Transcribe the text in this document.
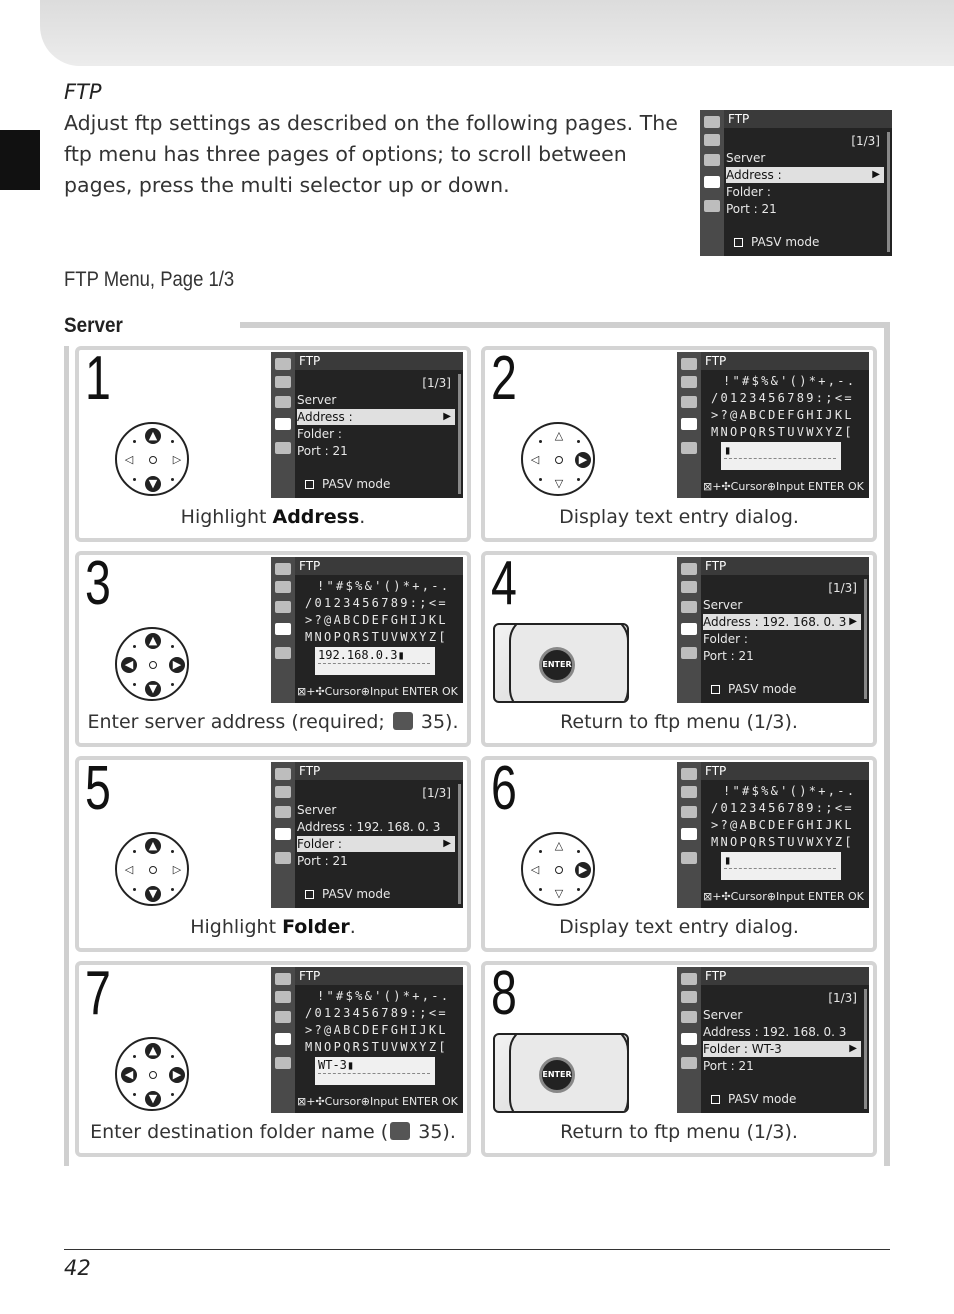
FTP
Adjust ftp settings as described on the following pages. The ftp menu has three pages of options; to scroll between pages, press the multi selector up or down.
FTP
[1/3]
Server
Address :	▶
Folder :
Port : 21
PASV mode
FTP Menu, Page 1/3
Server
1
▲
▼
◁	▷
FTP
[1/3]
Server
Address :	▶
Folder :
Port : 21
PASV mode
Highlight Address.
2
△
▽
◁	▶
FTP
!"#$%&'()*+,-.
/0123456789:;<=
>?@ABCDEFGHIJKL
MNOPQRSTUVWXYZ[
▮
⊠+✣Cursor⊕Input ENTER OK
Display text entry dialog.
3
▲
▼
◀	▶
FTP
!"#$%&'()*+,-.
/0123456789:;<=
>?@ABCDEFGHIJKL
MNOPQRSTUVWXYZ[
192.168.0.3▮
⊠+✣Cursor⊕Input ENTER OK
Enter server address (required;  35).
4
ENTER
FTP
[1/3]
Server
Address : 192. 168. 0. 3 ▶
Folder :
Port : 21
PASV mode
Return to ftp menu (1/3).
5
▲
▼
◁	▷
FTP
[1/3]
Server
Address : 192. 168. 0. 3
Folder :	▶
Port : 21
PASV mode
Highlight Folder.
6
△
▽
◁	▶
FTP
!"#$%&'()*+,-.
/0123456789:;<=
>?@ABCDEFGHIJKL
MNOPQRSTUVWXYZ[
▮
⊠+✣Cursor⊕Input ENTER OK
Display text entry dialog.
7
▲
▼
◀	▶
FTP
!"#$%&'()*+,-.
/0123456789:;<=
>?@ABCDEFGHIJKL
MNOPQRSTUVWXYZ[
WT-3▮
⊠+✣Cursor⊕Input ENTER OK
Enter destination folder name ( 35).
8
ENTER
FTP
[1/3]
Server
Address : 192. 168. 0. 3
Folder : WT-3	▶
Port : 21
PASV mode
Return to ftp menu (1/3).
42
